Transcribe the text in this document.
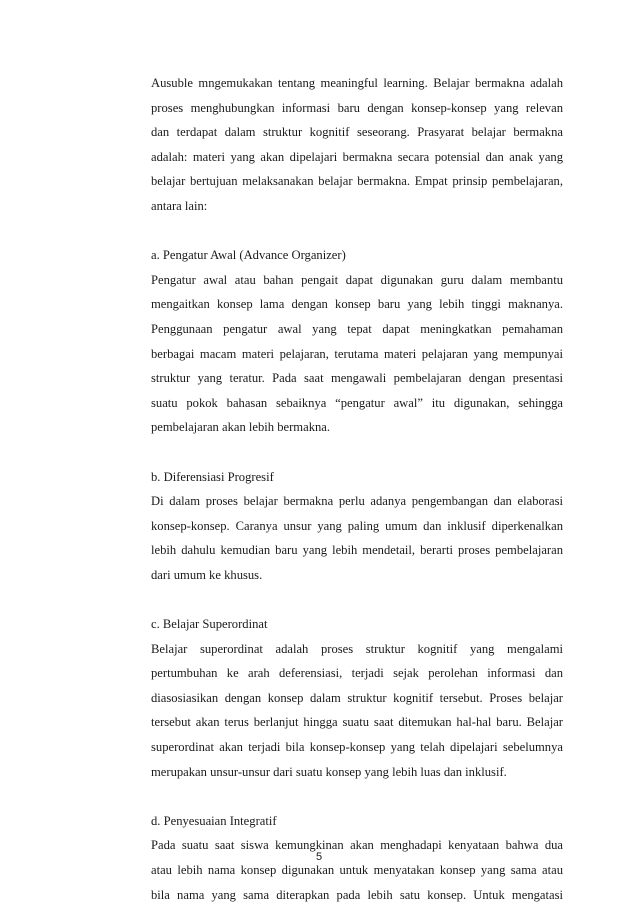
Ausuble mngemukakan tentang meaningful learning. Belajar bermakna adalah
proses menghubungkan informasi baru dengan konsep-konsep yang relevan
dan terdapat dalam struktur kognitif seseorang. Prasyarat belajar bermakna
adalah: materi yang akan dipelajari bermakna secara potensial dan anak yang
belajar bertujuan melaksanakan belajar bermakna. Empat prinsip pembelajaran,
antara lain:
a. Pengatur Awal (Advance Organizer)
Pengatur awal atau bahan pengait dapat digunakan guru dalam membantu
mengaitkan konsep lama dengan konsep baru yang lebih tinggi maknanya.
Penggunaan pengatur awal yang tepat dapat meningkatkan pemahaman
berbagai macam materi pelajaran, terutama materi pelajaran yang mempunyai
struktur yang teratur. Pada saat mengawali pembelajaran dengan presentasi
suatu pokok bahasan sebaiknya “pengatur awal” itu digunakan, sehingga
pembelajaran akan lebih bermakna.
b. Diferensiasi Progresif
Di dalam proses belajar bermakna perlu adanya pengembangan dan elaborasi
konsep-konsep. Caranya unsur yang paling umum dan inklusif diperkenalkan
lebih dahulu kemudian baru yang lebih mendetail, berarti proses pembelajaran
dari umum ke khusus.
c. Belajar Superordinat
Belajar superordinat adalah proses struktur kognitif yang mengalami
pertumbuhan ke arah deferensiasi, terjadi sejak perolehan informasi dan
diasosiasikan dengan konsep dalam struktur kognitif tersebut. Proses belajar
tersebut akan terus berlanjut hingga suatu saat ditemukan hal-hal baru. Belajar
superordinat akan terjadi bila konsep-konsep yang telah dipelajari sebelumnya
merupakan unsur-unsur dari suatu konsep yang lebih luas dan inklusif.
d. Penyesuaian Integratif
Pada suatu saat siswa kemungkinan akan menghadapi kenyataan bahwa dua
atau lebih nama konsep digunakan untuk menyatakan konsep yang sama atau
bila nama yang sama diterapkan pada lebih satu konsep. Untuk mengatasi
5
